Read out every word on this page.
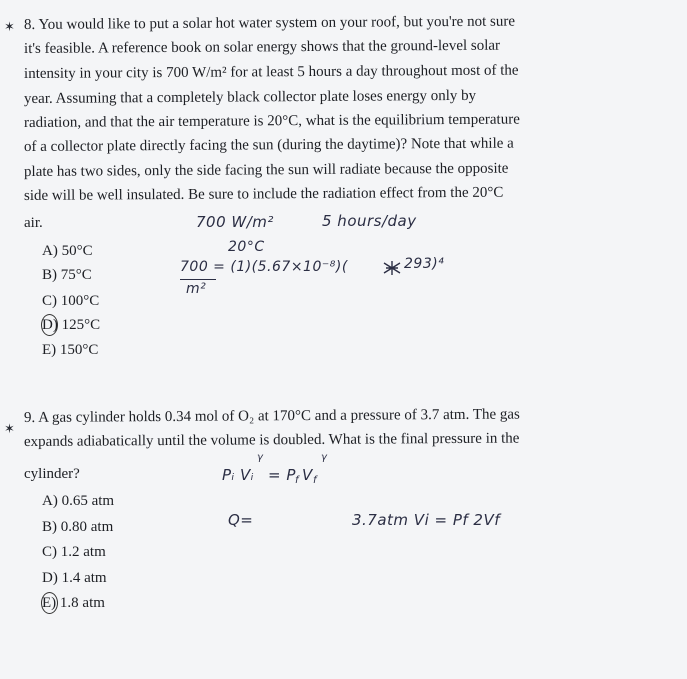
✶ 8. You would like to put a solar hot water system on your roof, but you're not sure
it's feasible. A reference book on solar energy shows that the ground-level solar
intensity in your city is 700 W/m² for at least 5 hours a day throughout most of the
year. Assuming that a completely black collector plate loses energy only by
radiation, and that the air temperature is 20°C, what is the equilibrium temperature
of a collector plate directly facing the sun (during the daytime)? Note that while a
plate has two sides, only the side facing the sun will radiate because the opposite
side will be well insulated. Be sure to include the radiation effect from the 20°C
air.
A) 50°C
B) 75°C
C) 100°C
D) 125°C
E) 150°C
700 W/m²	5 hours/day
20°C
700 = (1)(5.67×10⁻⁸)(	293)⁴
m²
✶
9. A gas cylinder holds 0.34 mol of O₂ at 170°C and a pressure of 3.7 atm. The gas
expands adiabatically until the volume is doubled. What is the final pressure in the
cylinder?
A) 0.65 atm
B) 0.80 atm
C) 1.2 atm
D) 1.4 atm
E) 1.8 atm
Pᵢ Vᵢ = P f V f
γ	γ
Q=	3.7atm Vi = Pf 2Vf
